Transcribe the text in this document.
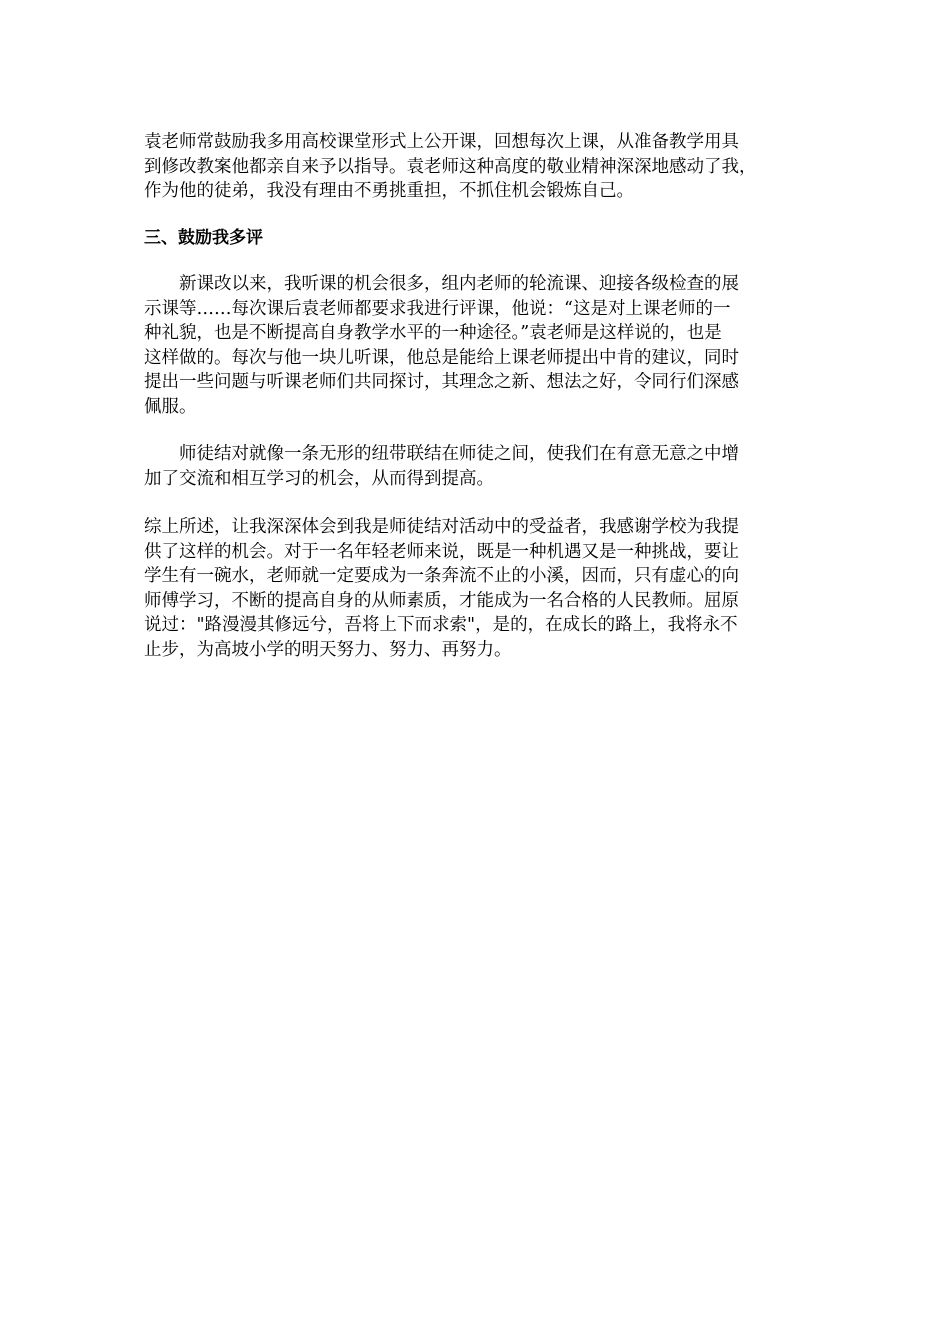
袁老师常鼓励我多用高校课堂形式上公开课，回想每次上课，从准备教学用具
到修改教案他都亲自来予以指导。袁老师这种高度的敬业精神深深地感动了我，
作为他的徒弟，我没有理由不勇挑重担，不抓住机会锻炼自己。

三、鼓励我多评

　　新课改以来，我听课的机会很多，组内老师的轮流课、迎接各级检查的展
示课等……每次课后袁老师都要求我进行评课，他说：“这是对上课老师的一
种礼貌，也是不断提高自身教学水平的一种途径。”袁老师是这样说的，也是
这样做的。每次与他一块儿听课，他总是能给上课老师提出中肯的建议，同时
提出一些问题与听课老师们共同探讨，其理念之新、想法之好，令同行们深感
佩服。

　　师徒结对就像一条无形的纽带联结在师徒之间，使我们在有意无意之中增
加了交流和相互学习的机会，从而得到提高。

综上所述，让我深深体会到我是师徒结对活动中的受益者，我感谢学校为我提
供了这样的机会。对于一名年轻老师来说，既是一种机遇又是一种挑战，要让
学生有一碗水，老师就一定要成为一条奔流不止的小溪，因而，只有虚心的向
师傅学习，不断的提高自身的从师素质，才能成为一名合格的人民教师。屈原
说过："路漫漫其修远兮，吾将上下而求索"，是的，在成长的路上，我将永不
止步，为高坡小学的明天努力、努力、再努力。
